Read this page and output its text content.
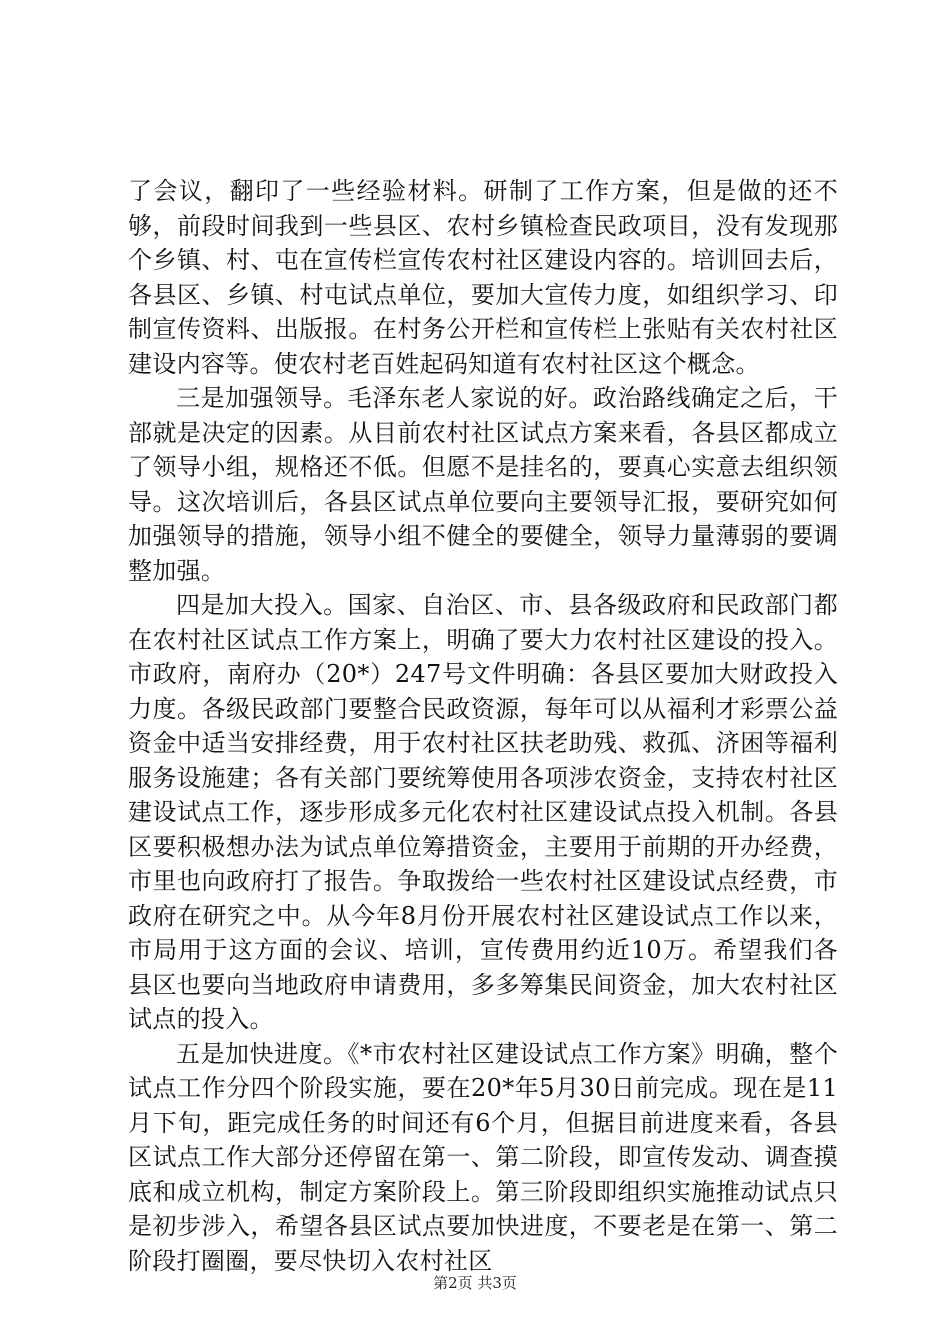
了会议，翻印了一些经验材料。研制了工作方案，但是做的还不够，前段时间我到一些县区、农村乡镇检查民政项目，没有发现那个乡镇、村、屯在宣传栏宣传农村社区建设内容的。培训回去后，各县区、乡镇、村屯试点单位，要加大宣传力度，如组织学习、印制宣传资料、出版报。在村务公开栏和宣传栏上张贴有关农村社区建设内容等。使农村老百姓起码知道有农村社区这个概念。

三是加强领导。毛泽东老人家说的好。政治路线确定之后，干部就是决定的因素。从目前农村社区试点方案来看，各县区都成立了领导小组，规格还不低。但愿不是挂名的，要真心实意去组织领导。这次培训后，各县区试点单位要向主要领导汇报，要研究如何加强领导的措施，领导小组不健全的要健全，领导力量薄弱的要调整加强。

四是加大投入。国家、自治区、市、县各级政府和民政部门都在农村社区试点工作方案上，明确了要大力农村社区建设的投入。市政府，南府办（20*）247号文件明确：各县区要加大财政投入力度。各级民政部门要整合民政资源，每年可以从福利才彩票公益资金中适当安排经费，用于农村社区扶老助残、救孤、济困等福利服务设施建；各有关部门要统筹使用各项涉农资金，支持农村社区建设试点工作，逐步形成多元化农村社区建设试点投入机制。各县区要积极想办法为试点单位筹措资金，主要用于前期的开办经费，市里也向政府打了报告。争取拨给一些农村社区建设试点经费，市政府在研究之中。从今年8月份开展农村社区建设试点工作以来，市局用于这方面的会议、培训，宣传费用约近10万。希望我们各县区也要向当地政府申请费用，多多筹集民间资金，加大农村社区试点的投入。

五是加快进度。《*市农村社区建设试点工作方案》明确，整个试点工作分四个阶段实施，要在20*年5月30日前完成。现在是11月下旬，距完成任务的时间还有6个月，但据目前进度来看，各县区试点工作大部分还停留在第一、第二阶段，即宣传发动、调查摸底和成立机构，制定方案阶段上。第三阶段即组织实施推动试点只是初步涉入，希望各县区试点要加快进度，不要老是在第一、第二阶段打圈圈，要尽快切入农村社区

第2页 共3页
